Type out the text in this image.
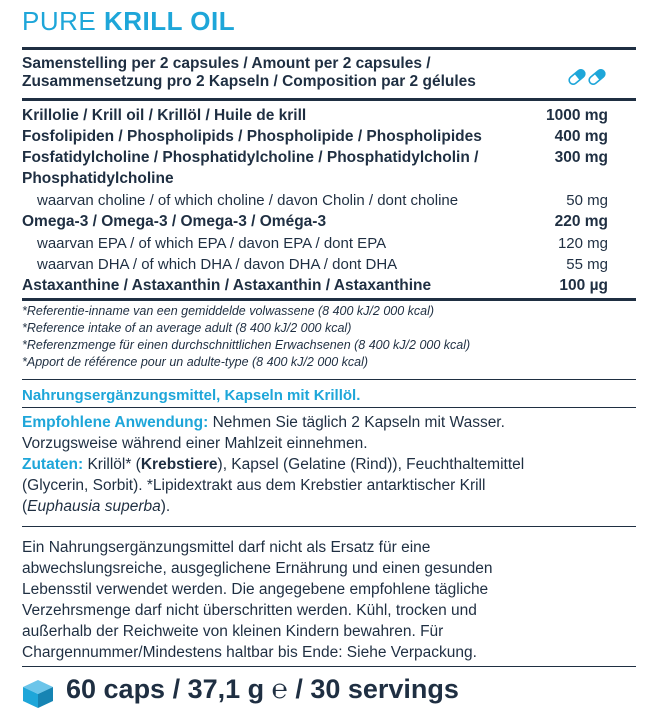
PURE KRILL OIL
Samenstelling per 2 capsules / Amount per 2 capsules /
Zusammensetzung pro 2 Kapseln / Composition par 2 gélules
Krillolie / Krill oil / Krillöl / Huile de krill	1000 mg
Fosfolipiden / Phospholipids / Phospholipide / Phospholipides	400 mg
Fosfatidylcholine / Phosphatidylcholine / Phosphatidylcholin /	300 mg
Phosphatidylcholine
waarvan choline / of which choline / davon Cholin / dont choline	50 mg
Omega-3 / Omega-3 / Omega-3 / Oméga-3	220 mg
waarvan EPA / of which EPA / davon EPA / dont EPA	120 mg
waarvan DHA / of which DHA / davon DHA / dont DHA	55 mg
Astaxanthine / Astaxanthin / Astaxanthin / Astaxanthine	100 µg
*Referentie-inname van een gemiddelde volwassene (8 400 kJ/2 000 kcal)
*Reference intake of an average adult (8 400 kJ/2 000 kcal)
*Referenzmenge für einen durchschnittlichen Erwachsenen (8 400 kJ/2 000 kcal)
*Apport de référence pour un adulte-type (8 400 kJ/2 000 kcal)
Nahrungsergänzungsmittel, Kapseln mit Krillöl.
Empfohlene Anwendung: Nehmen Sie täglich 2 Kapseln mit Wasser.
Vorzugsweise während einer Mahlzeit einnehmen.
Zutaten: Krillöl* (Krebstiere), Kapsel (Gelatine (Rind)), Feuchthaltemittel
(Glycerin, Sorbit). *Lipidextrakt aus dem Krebstier antarktischer Krill
(Euphausia superba).
Ein Nahrungsergänzungsmittel darf nicht als Ersatz für eine
abwechslungsreiche, ausgeglichene Ernährung und einen gesunden
Lebensstil verwendet werden. Die angegebene empfohlene tägliche
Verzehrsmenge darf nicht überschritten werden. Kühl, trocken und
außerhalb der Reichweite von kleinen Kindern bewahren. Für
Chargennummer/Mindestens haltbar bis Ende: Siehe Verpackung.
60 caps / 37,1 g ℮ / 30 servings
